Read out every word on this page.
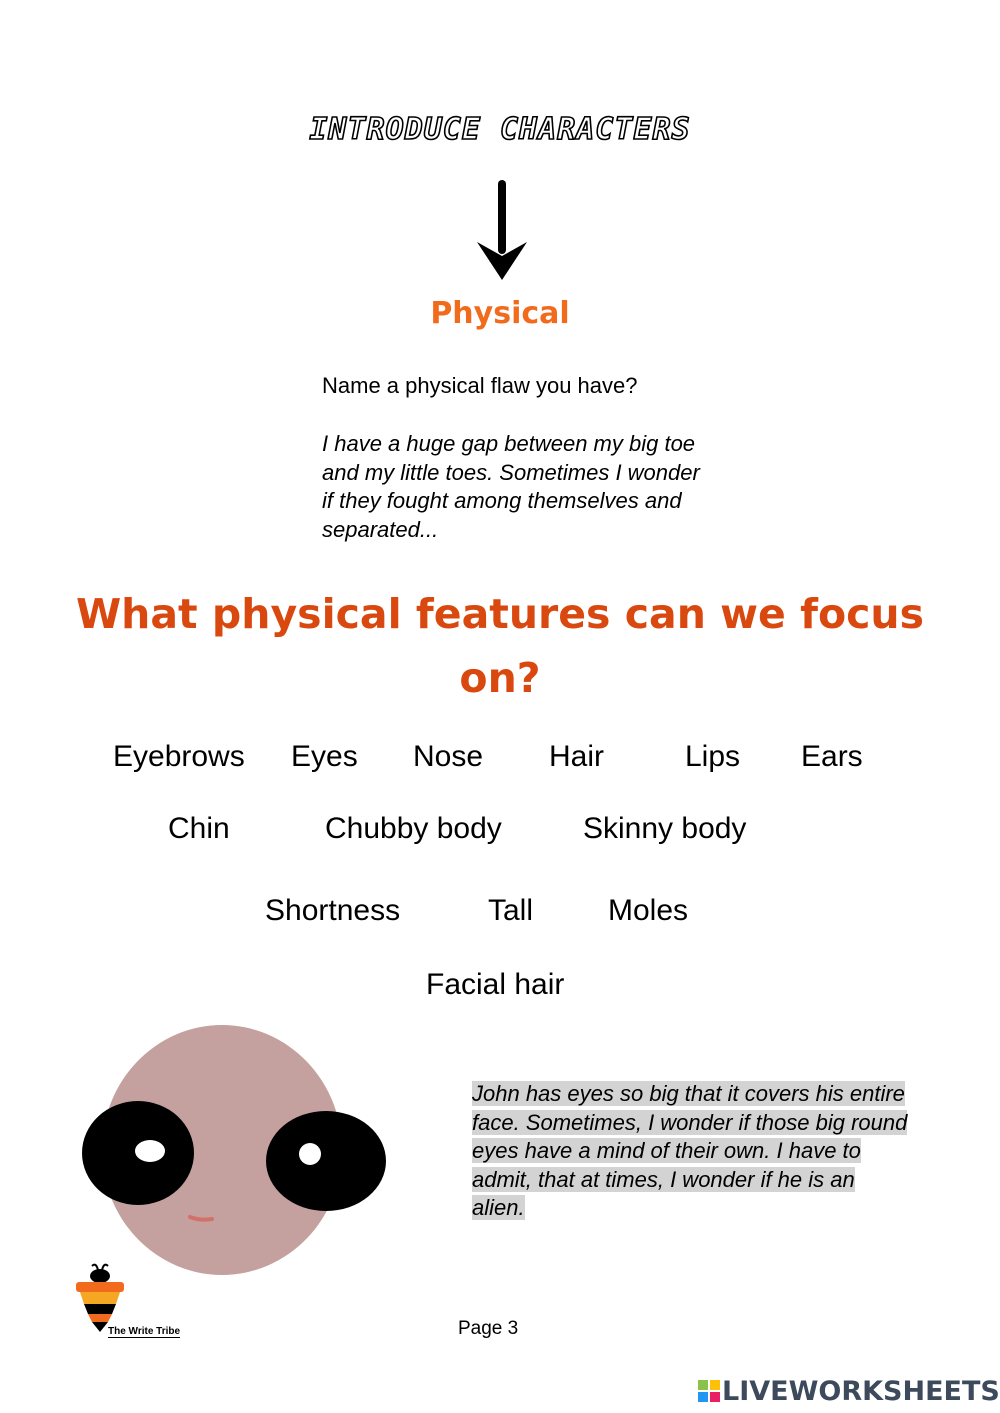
INTRODUCE CHARACTERS
Physical
Name a physical flaw you have?
I have a huge gap between my big toe and my little toes. Sometimes I wonder if they fought among themselves and separated...
What physical features can we focus on?
Eyebrows Eyes Nose Hair	Lips Ears
Chin	Chubby body	Skinny body
Shortness	Tall Moles
Facial hair
John has eyes so big that it covers his entire face. Sometimes, I wonder if those big round eyes have a mind of their own. I have to admit, that at times, I wonder if he is an alien.
The Write Tribe	Page 3
LIVEWORKSHEETS
